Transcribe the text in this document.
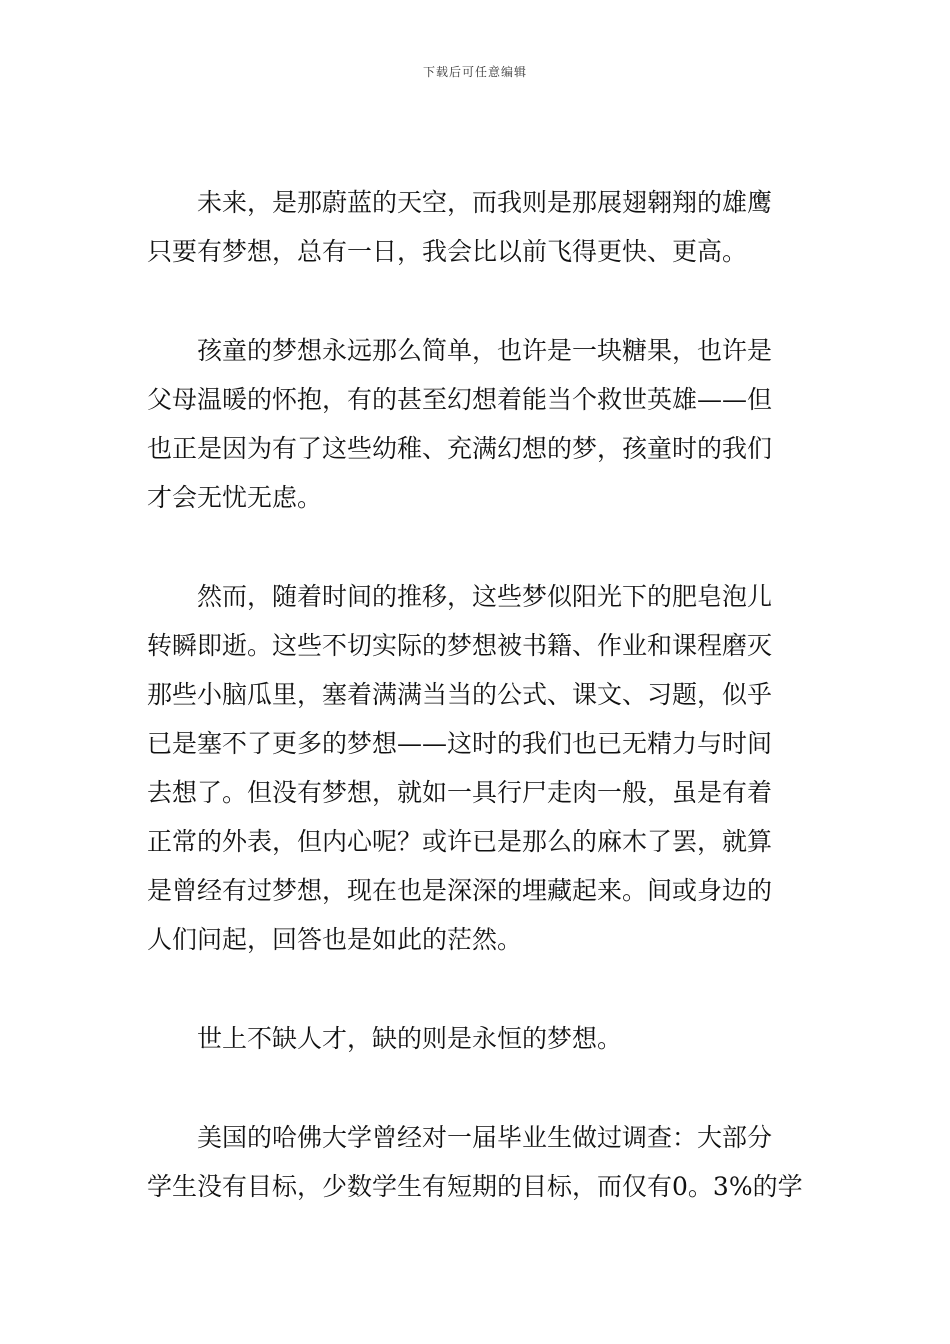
下载后可任意编辑
未来，是那蔚蓝的天空，而我则是那展翅翱翔的雄鹰
只要有梦想，总有一日，我会比以前飞得更快、更高。
孩童的梦想永远那么简单，也许是一块糖果，也许是
父母温暖的怀抱，有的甚至幻想着能当个救世英雄——但
也正是因为有了这些幼稚、充满幻想的梦，孩童时的我们
才会无忧无虑。
然而，随着时间的推移，这些梦似阳光下的肥皂泡儿
转瞬即逝。这些不切实际的梦想被书籍、作业和课程磨灭
那些小脑瓜里，塞着满满当当的公式、课文、习题，似乎
已是塞不了更多的梦想——这时的我们也已无精力与时间
去想了。但没有梦想，就如一具行尸走肉一般，虽是有着
正常的外表，但内心呢？或许已是那么的麻木了罢，就算
是曾经有过梦想，现在也是深深的埋藏起来。间或身边的
人们问起，回答也是如此的茫然。
世上不缺人才，缺的则是永恒的梦想。
美国的哈佛大学曾经对一届毕业生做过调查：大部分
学生没有目标，少数学生有短期的目标，而仅有0。3%的学
